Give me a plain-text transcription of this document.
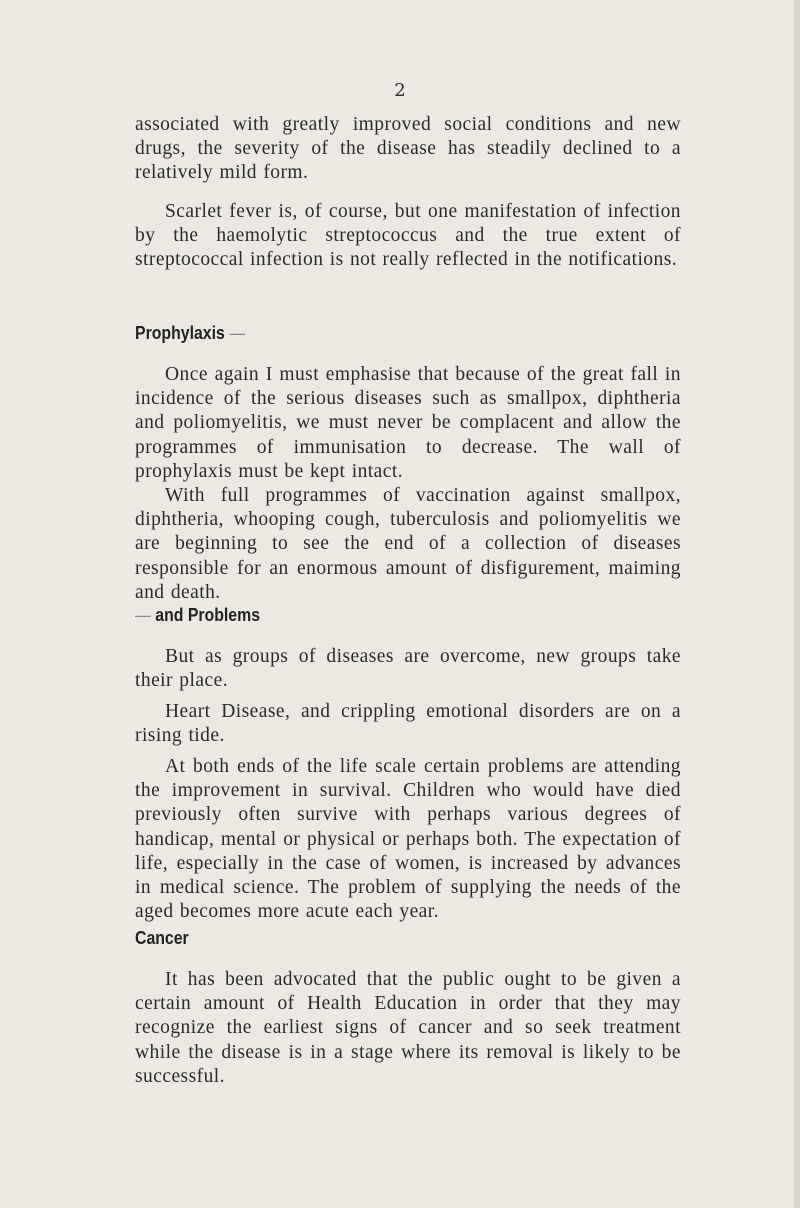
2

associated with greatly improved social conditions and new drugs, the severity of the disease has steadily declined to a relatively mild form.

Scarlet fever is, of course, but one manifestation of infection by the haemolytic streptococcus and the true extent of streptococcal infection is not really reflected in the notifications.

Prophylaxis —

Once again I must emphasise that because of the great fall in incidence of the serious diseases such as smallpox, diphtheria and poliomyelitis, we must never be complacent and allow the programmes of immunisation to decrease. The wall of prophylaxis must be kept intact.

With full programmes of vaccination against smallpox, diphtheria, whooping cough, tuberculosis and poliomyelitis we are beginning to see the end of a collection of diseases responsible for an enormous amount of disfigurement, maiming and death.

— and Problems

But as groups of diseases are overcome, new groups take their place.

Heart Disease, and crippling emotional disorders are on a rising tide.

At both ends of the life scale certain problems are attending the improvement in survival. Children who would have died previously often survive with perhaps various degrees of handicap, mental or physical or perhaps both. The expectation of life, especially in the case of women, is increased by advances in medical science. The problem of supplying the needs of the aged becomes more acute each year.

Cancer

It has been advocated that the public ought to be given a certain amount of Health Education in order that they may recognize the earliest signs of cancer and so seek treatment while the disease is in a stage where its removal is likely to be successful.
